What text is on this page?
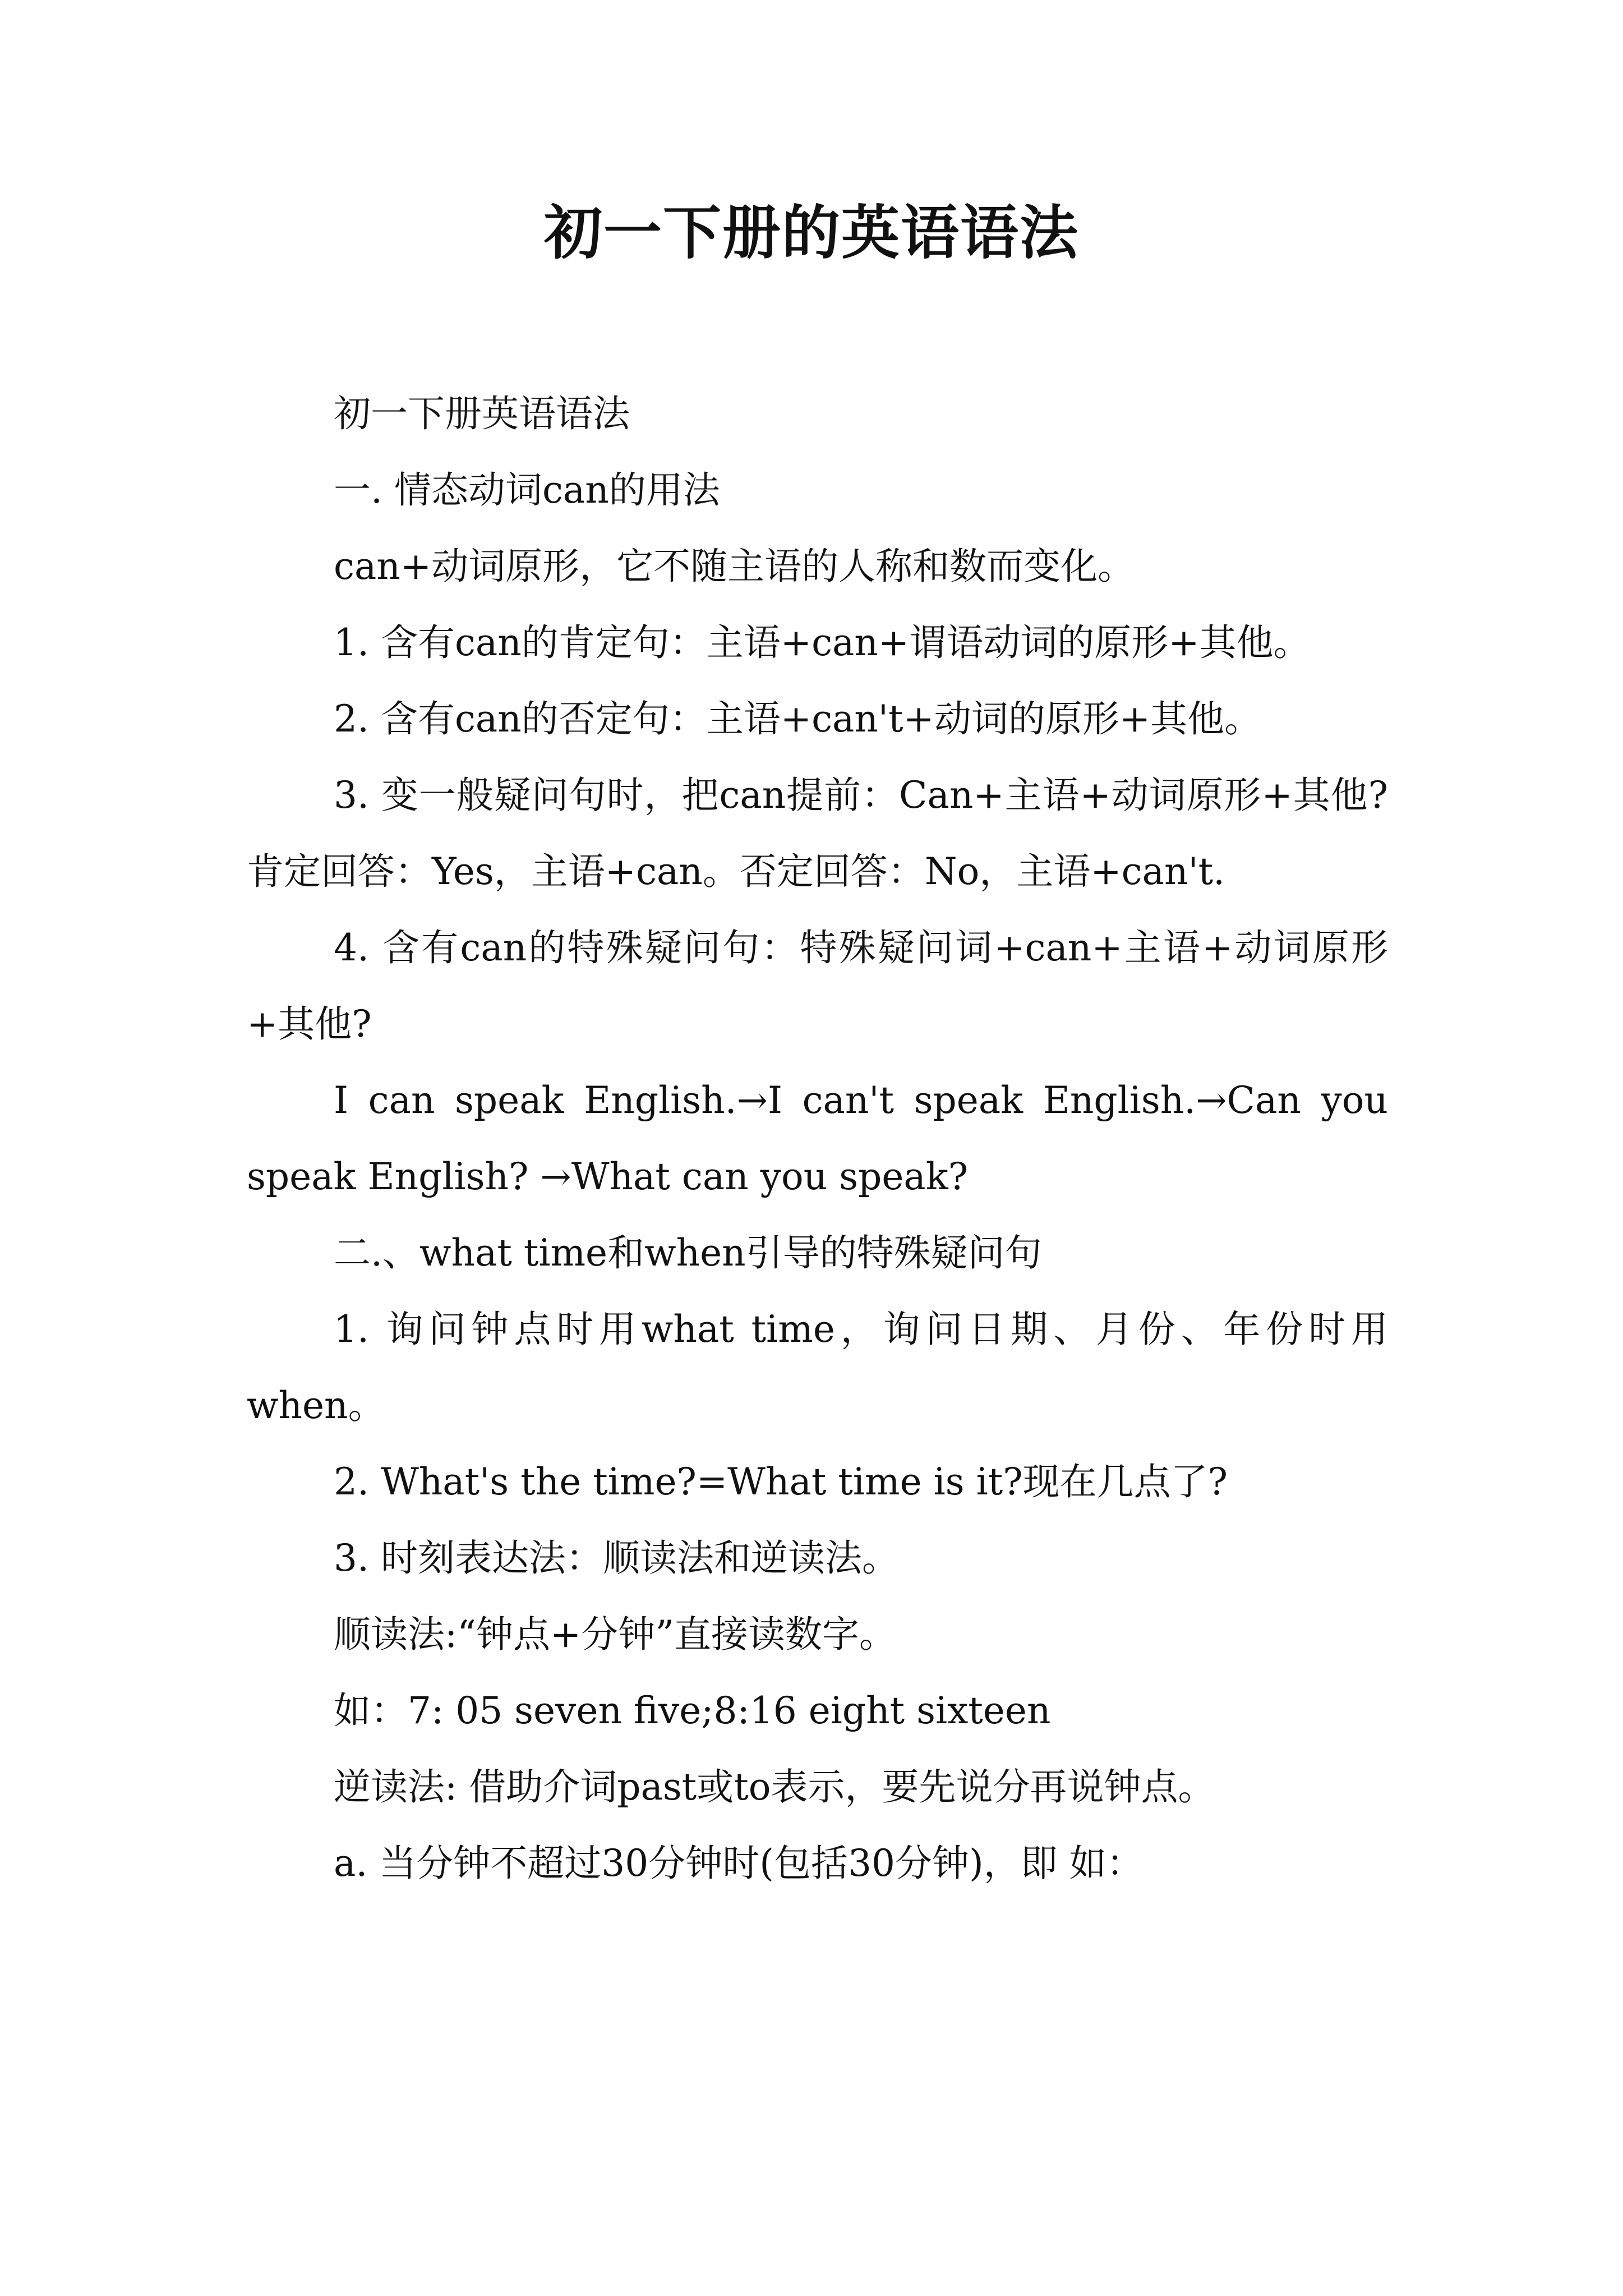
初一下册的英语语法

初一下册英语语法

一. 情态动词can的用法

can+动词原形，它不随主语的人称和数而变化。

1. 含有can的肯定句：主语+can+谓语动词的原形+其他。

2. 含有can的否定句：主语+can't+动词的原形+其他。

3. 变一般疑问句时，把can提前：Can+主语+动词原形+其他? 肯定回答：Yes，主语+can。否定回答：No，主语+can't.

4. 含有can的特殊疑问句：特殊疑问词+can+主语+动词原形+其他?

I can speak English.→I can't speak English.→Can you speak English? →What can you speak?

二.、what time和when引导的特殊疑问句

1. 询问钟点时用what time，询问日期、月份、年份时用when。

2. What's the time?=What time is it?现在几点了?

3. 时刻表达法：顺读法和逆读法。

顺读法:“钟点+分钟”直接读数字。

如：7: 05 seven five;8:16 eight sixteen

逆读法: 借助介词past或to表示，要先说分再说钟点。

a. 当分钟不超过30分钟时(包括30分钟)，即 如：
